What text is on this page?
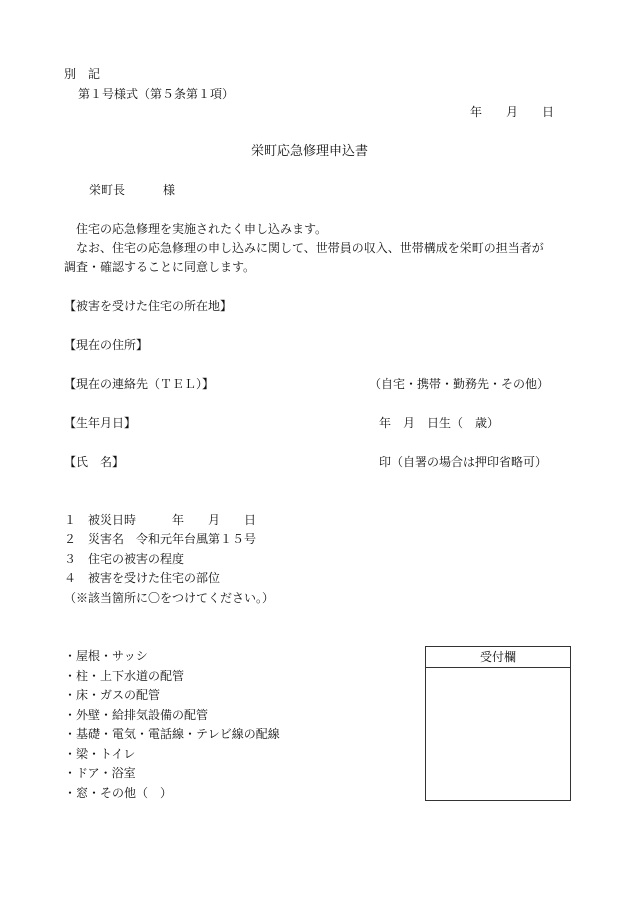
別　記
第１号様式（第５条第１項）
年　　月　　日
栄町応急修理申込書
栄町長	様
住宅の応急修理を実施されたく申し込みます。
なお、住宅の応急修理の申し込みに関して、世帯員の収入、世帯構成を栄町の担当者が
調査・確認することに同意します。
【被害を受けた住宅の所在地】
【現在の住所】
【現在の連絡先（ＴＥＬ）】	（自宅・携帯・勤務先・その他）
【生年月日】	年　月　日生（　歳）
【氏　名】	印（自署の場合は押印省略可）
１　被災日時　　　年　　月　　日
２　災害名　令和元年台風第１５号
３　住宅の被害の程度
４　被害を受けた住宅の部位
（※該当箇所に〇をつけてください。）
・屋根・サッシ
・柱・上下水道の配管
・床・ガスの配管
・外壁・給排気設備の配管
・基礎・電気・電話線・テレビ線の配線
・梁・トイレ
・ドア・浴室
・窓・その他（　）
受付欄
